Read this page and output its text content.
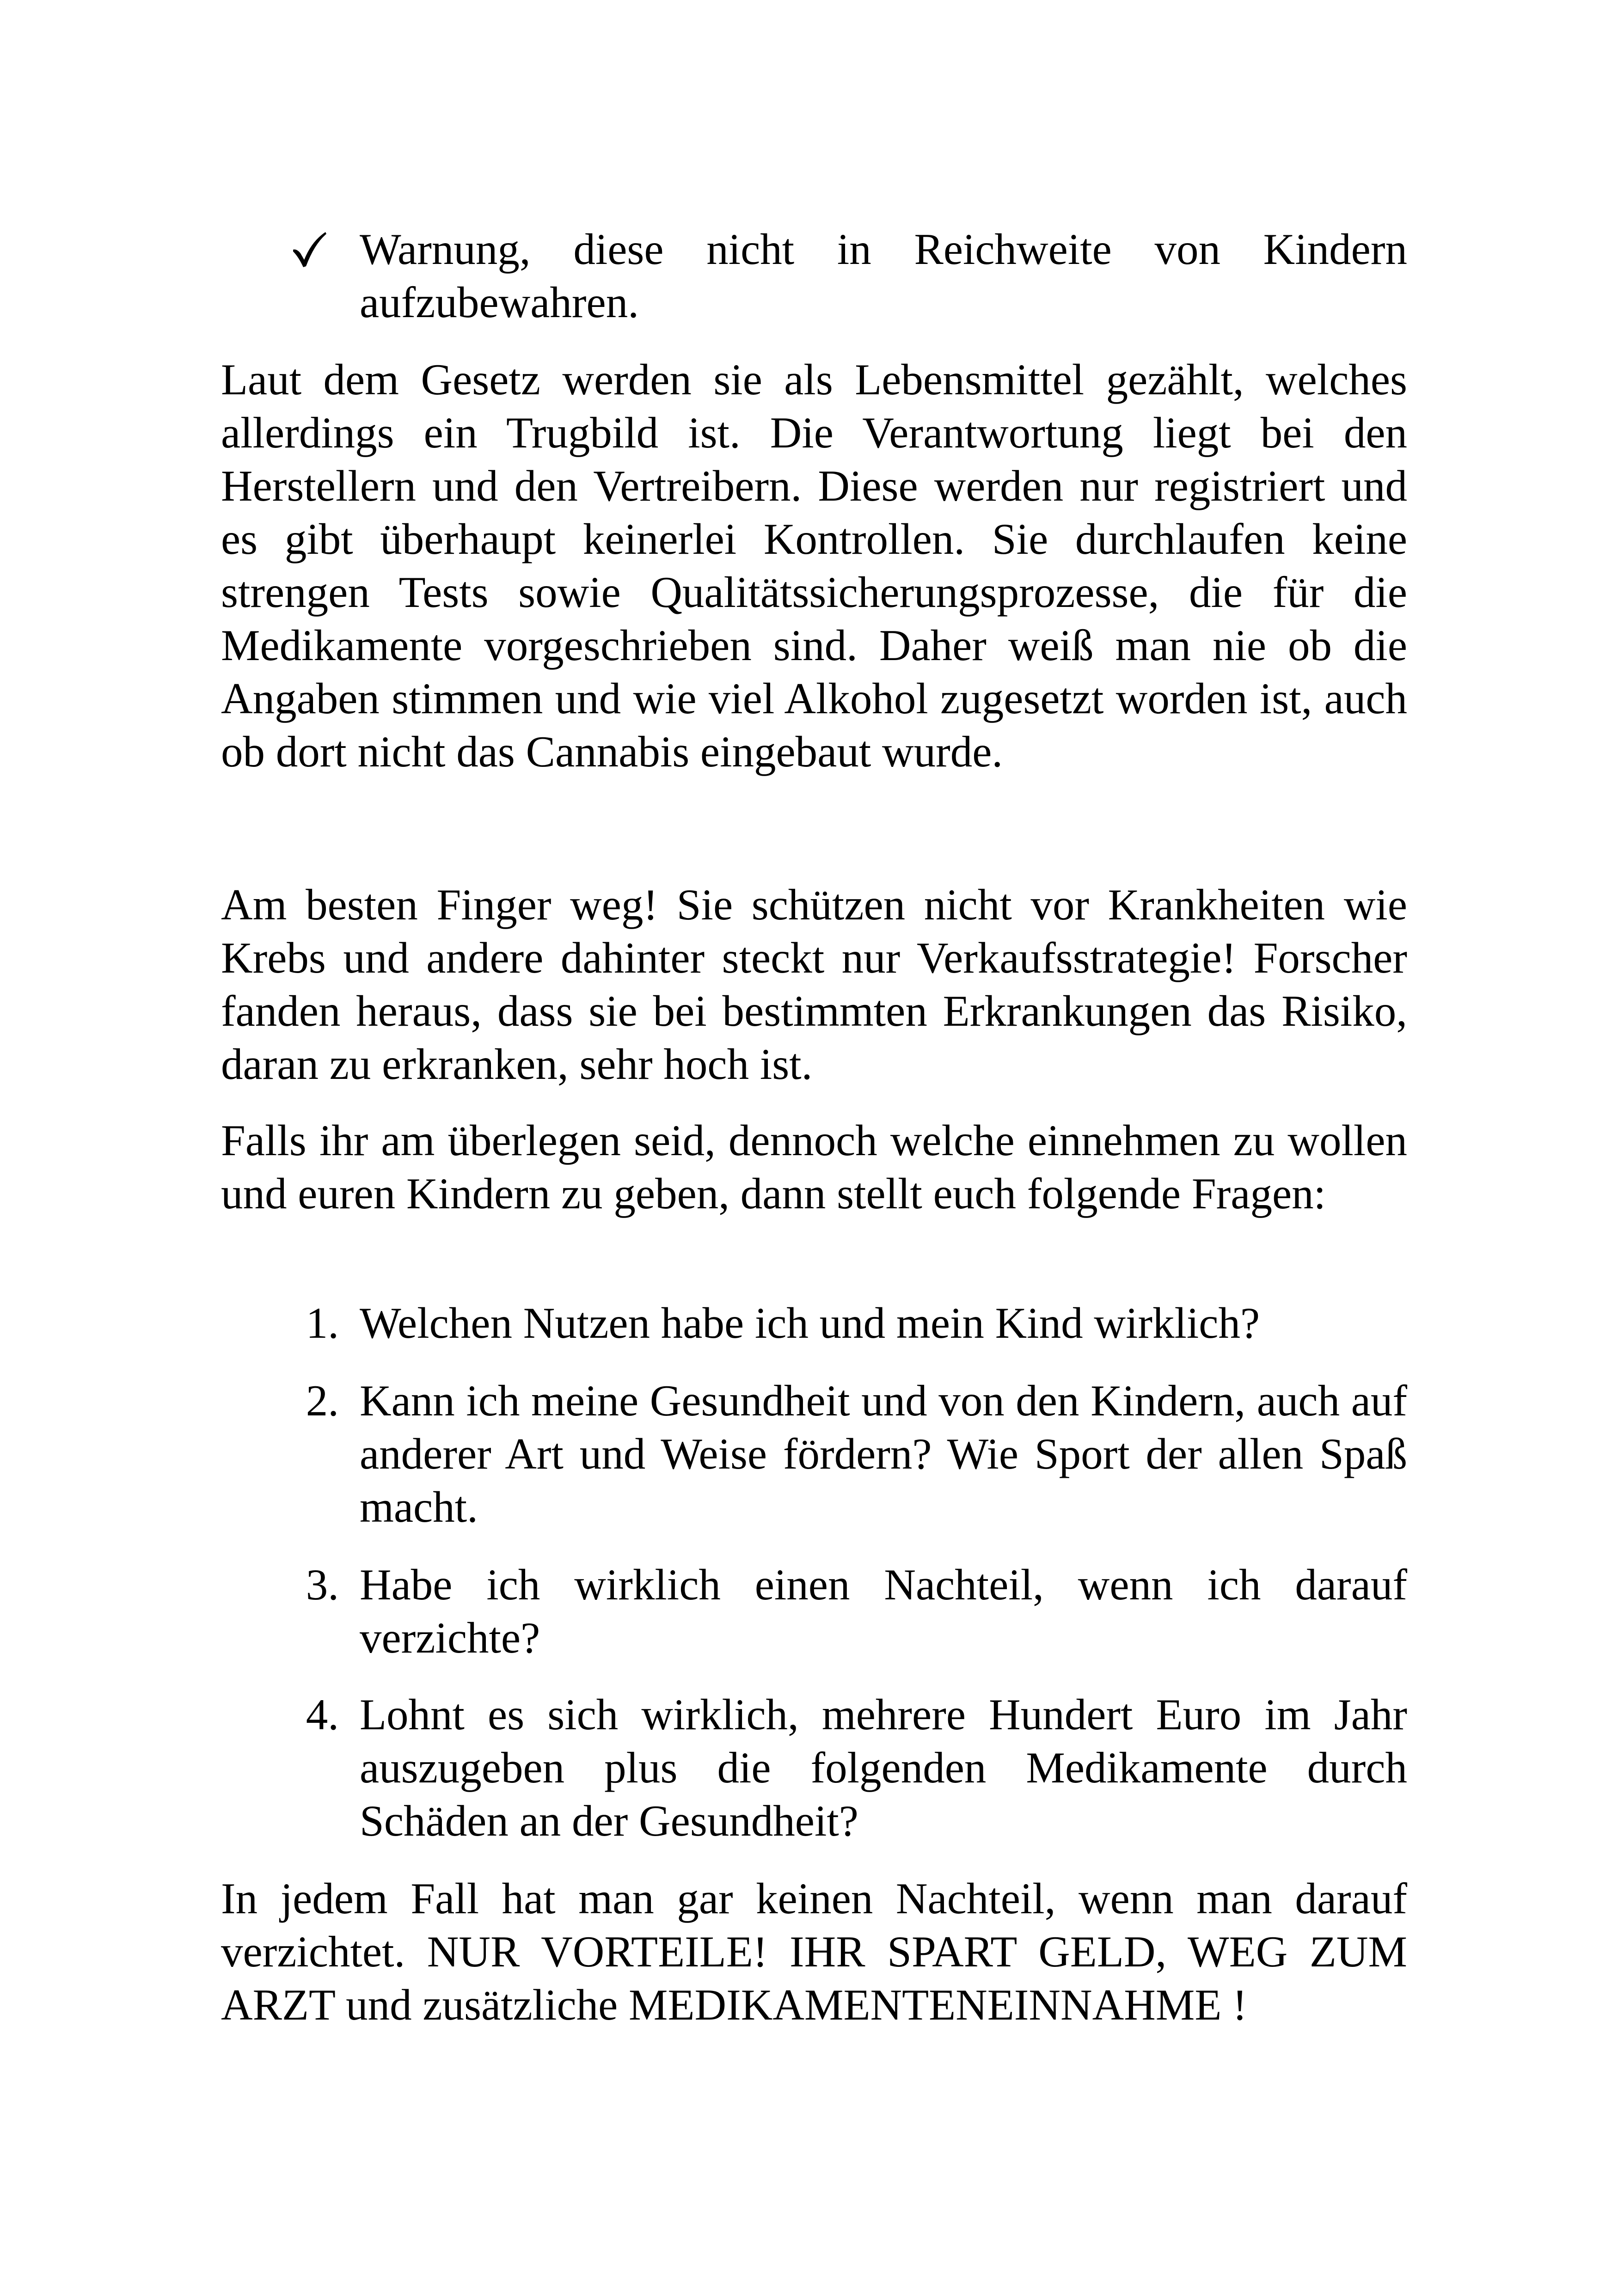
Warnung, diese nicht in Reichweite von Kindern aufzubewahren.

Laut dem Gesetz werden sie als Lebensmittel gezählt, welches allerdings ein Trugbild ist. Die Verantwortung liegt bei den Herstellern und den Vertreibern. Diese werden nur registriert und es gibt überhaupt keinerlei Kontrollen. Sie durchlaufen keine strengen Tests sowie Qualitätssicherungsprozesse, die für die Medikamente vorgeschrieben sind. Daher weiß man nie ob die Angaben stimmen und wie viel Alkohol zugesetzt worden ist, auch ob dort nicht das Cannabis eingebaut wurde.

Am besten Finger weg! Sie schützen nicht vor Krankheiten wie Krebs und andere dahinter steckt nur Verkaufsstrategie! Forscher fanden heraus, dass sie bei bestimmten Erkrankungen das Risiko, daran zu erkranken, sehr hoch ist.

Falls ihr am überlegen seid, dennoch welche einnehmen zu wollen und euren Kindern zu geben, dann stellt euch folgende Fragen:

1. Welchen Nutzen habe ich und mein Kind wirklich?
2. Kann ich meine Gesundheit und von den Kindern, auch auf anderer Art und Weise fördern? Wie Sport der allen Spaß macht.
3. Habe ich wirklich einen Nachteil, wenn ich darauf verzichte?
4. Lohnt es sich wirklich, mehrere Hundert Euro im Jahr auszugeben plus die folgenden Medikamente durch Schäden an der Gesundheit?

In jedem Fall hat man gar keinen Nachteil, wenn man darauf verzichtet. NUR VORTEILE! IHR SPART GELD, WEG ZUM ARZT und zusätzliche MEDIKAMENTENEINNAHME !
